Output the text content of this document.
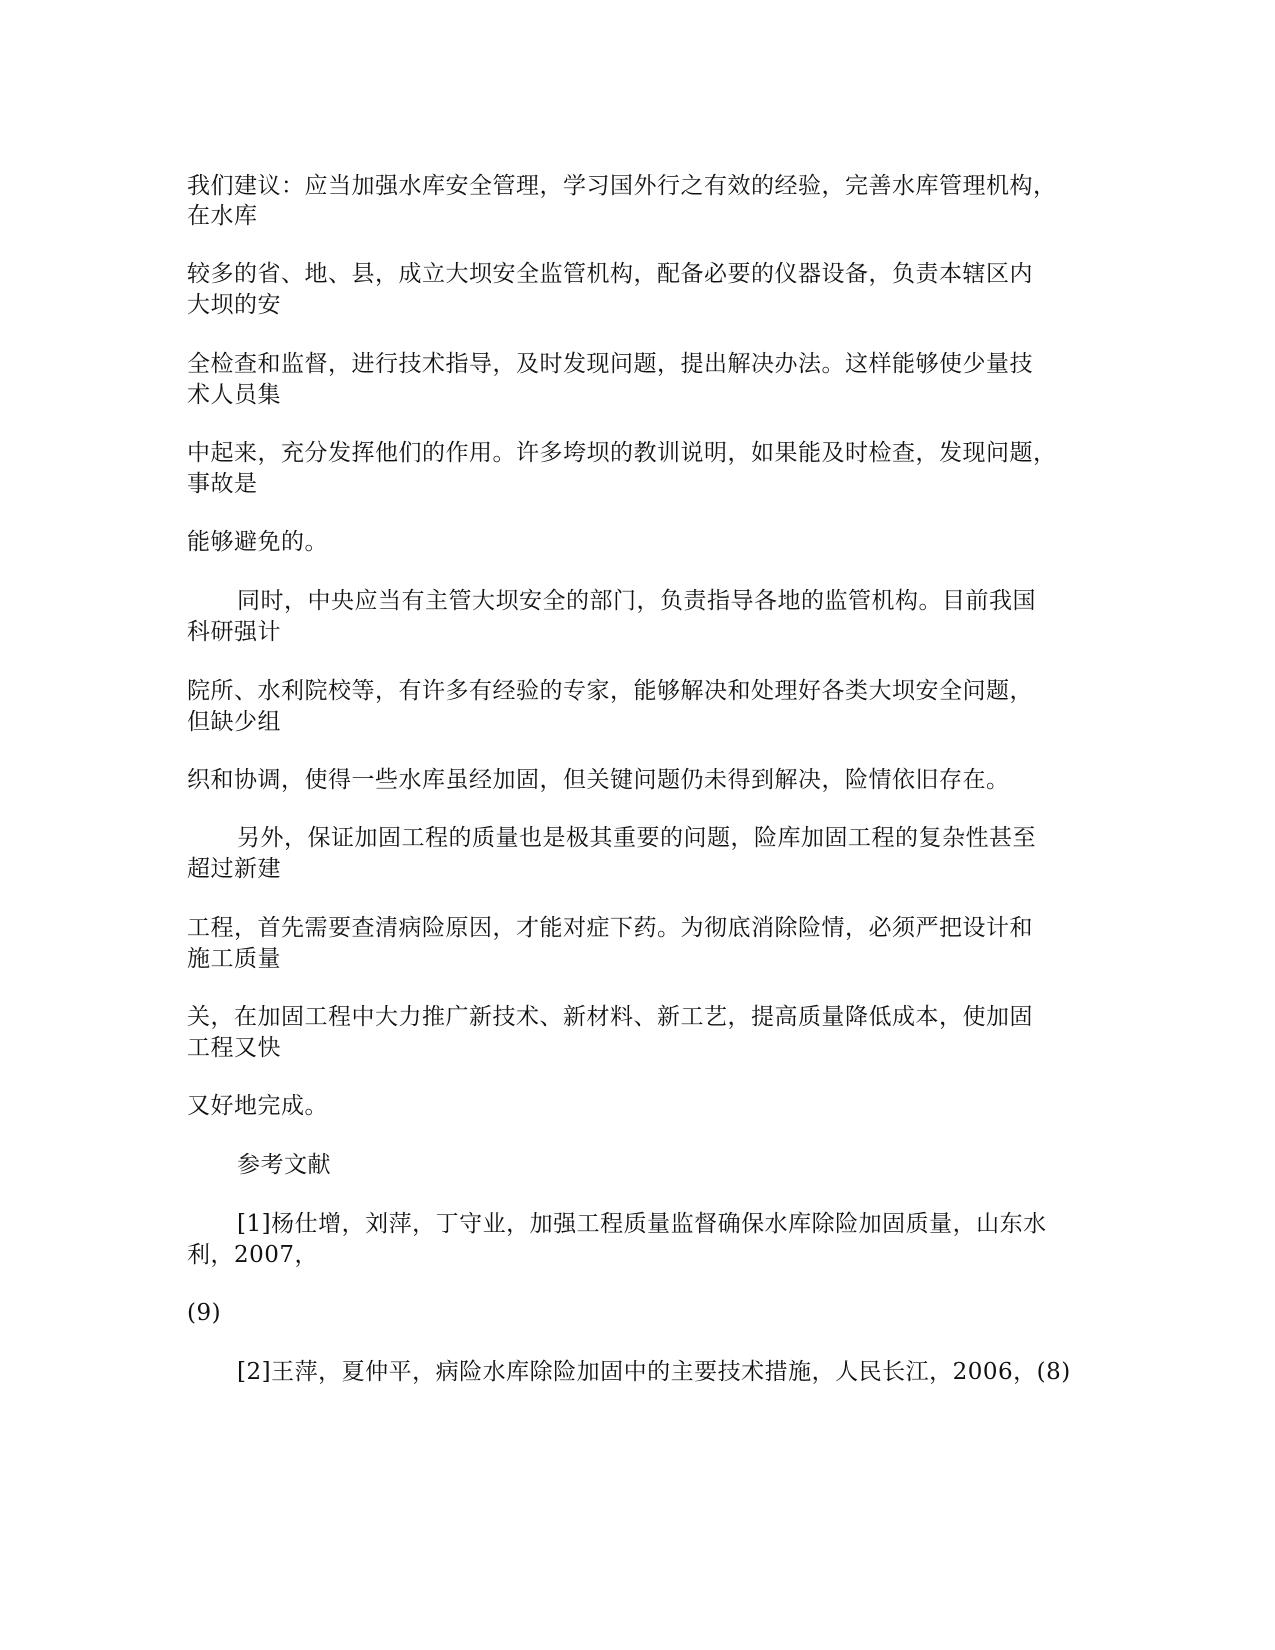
我们建议：应当加强水库安全管理，学习国外行之有效的经验，完善水库管理机构，
在水库
较多的省、地、县，成立大坝安全监管机构，配备必要的仪器设备，负责本辖区内
大坝的安
全检查和监督，进行技术指导，及时发现问题，提出解决办法。这样能够使少量技
术人员集
中起来，充分发挥他们的作用。许多垮坝的教训说明，如果能及时检查，发现问题，
事故是
能够避免的。
同时，中央应当有主管大坝安全的部门，负责指导各地的监管机构。目前我国
科研强计
院所、水利院校等，有许多有经验的专家，能够解决和处理好各类大坝安全问题，
但缺少组
织和协调，使得一些水库虽经加固，但关键问题仍未得到解决，险情依旧存在。
另外，保证加固工程的质量也是极其重要的问题，险库加固工程的复杂性甚至
超过新建
工程，首先需要查清病险原因，才能对症下药。为彻底消除险情，必须严把设计和
施工质量
关，在加固工程中大力推广新技术、新材料、新工艺，提高质量降低成本，使加固
工程又快
又好地完成。
参考文献
[1]杨仕增，刘萍，丁守业，加强工程质量监督确保水库除险加固质量，山东水
利，2007，
(9)
[2]王萍，夏仲平，病险水库除险加固中的主要技术措施，人民长江，2006，(8)
